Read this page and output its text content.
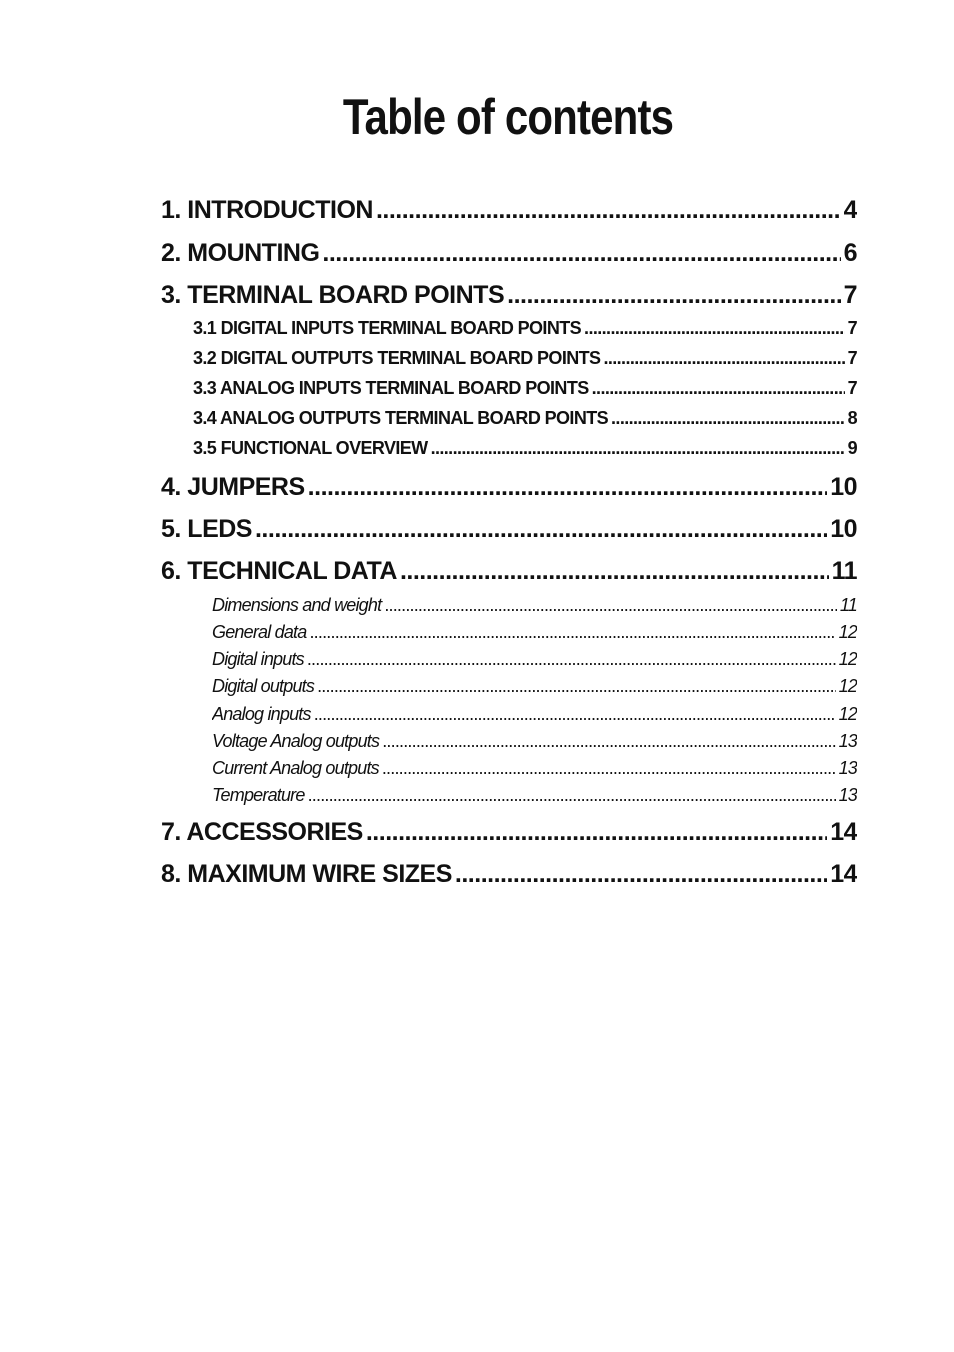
Table of contents
1. INTRODUCTION .....	4
2. MOUNTING .....	6
3. TERMINAL BOARD POINTS .....	7
3.1 DIGITAL INPUTS TERMINAL BOARD POINTS .....	7
3.2 DIGITAL OUTPUTS TERMINAL BOARD POINTS .....	7
3.3 ANALOG INPUTS TERMINAL BOARD POINTS .....	7
3.4 ANALOG OUTPUTS TERMINAL BOARD POINTS .....	8
3.5 FUNCTIONAL OVERVIEW .....	9
4. JUMPERS .....	10
5. LEDS .....	10
6. TECHNICAL DATA .....	11
Dimensions and weight .....	11
General data .....	12
Digital inputs .....	12
Digital outputs .....	12
Analog inputs .....	12
Voltage Analog outputs .....	13
Current Analog outputs .....	13
Temperature .....	13
7. ACCESSORIES .....	14
8. MAXIMUM WIRE SIZES .....	14
